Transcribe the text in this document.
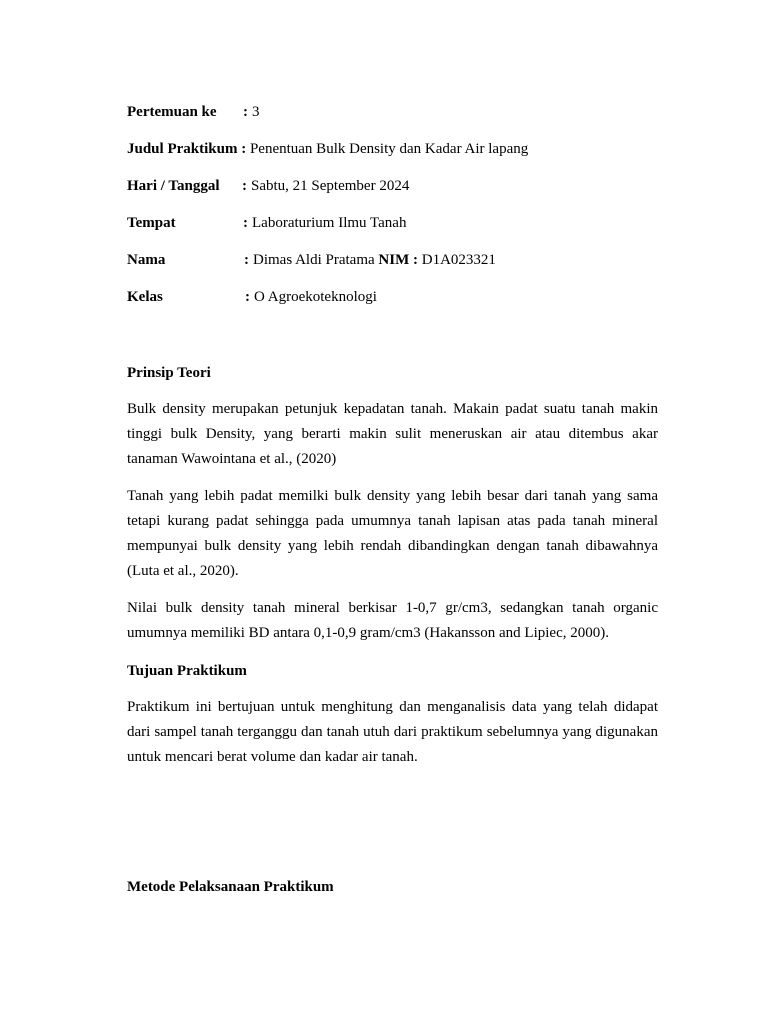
Pertemuan ke : 3
Judul Praktikum : Penentuan Bulk Density dan Kadar Air lapang
Hari / Tanggal : Sabtu, 21 September 2024
Tempat	: Laboraturium Ilmu Tanah
Nama	: Dimas Aldi Pratama NIM : D1A023321
Kelas	: O Agroekoteknologi
Prinsip Teori
Bulk density merupakan petunjuk kepadatan tanah. Makain padat suatu tanah makin tinggi bulk Density, yang berarti makin sulit meneruskan air atau ditembus akar tanaman Wawointana et al., (2020)
Tanah yang lebih padat memilki bulk density yang lebih besar dari tanah yang sama tetapi kurang padat sehingga pada umumnya tanah lapisan atas pada tanah mineral mempunyai bulk density yang lebih rendah dibandingkan dengan tanah dibawahnya (Luta et al., 2020).
Nilai bulk density tanah mineral berkisar 1-0,7 gr/cm3, sedangkan tanah organic umumnya memiliki BD antara 0,1-0,9 gram/cm3 (Hakansson and Lipiec, 2000).
Tujuan Praktikum
Praktikum ini bertujuan untuk menghitung dan menganalisis data yang telah didapat dari sampel tanah terganggu dan tanah utuh dari praktikum sebelumnya yang digunakan untuk mencari berat volume dan kadar air tanah.
Metode Pelaksanaan Praktikum
